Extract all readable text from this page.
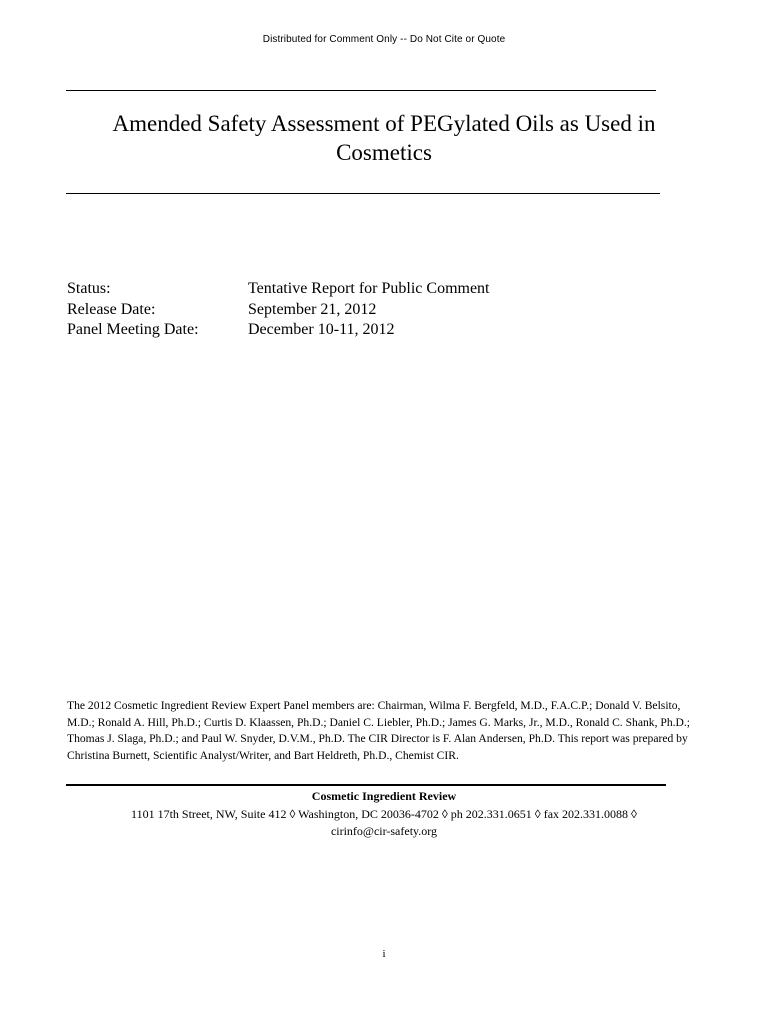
Distributed for Comment Only -- Do Not Cite or Quote
Amended Safety Assessment of PEGylated Oils as Used in Cosmetics
Status:	Tentative Report for Public Comment
Release Date:	September 21, 2012
Panel Meeting Date:	December 10-11, 2012
The 2012 Cosmetic Ingredient Review Expert Panel members are: Chairman, Wilma F. Bergfeld, M.D., F.A.C.P.; Donald V. Belsito, M.D.; Ronald A. Hill, Ph.D.; Curtis D. Klaassen, Ph.D.; Daniel C. Liebler, Ph.D.; James G. Marks, Jr., M.D., Ronald C. Shank, Ph.D.; Thomas J. Slaga, Ph.D.; and Paul W. Snyder, D.V.M., Ph.D. The CIR Director is F. Alan Andersen, Ph.D. This report was prepared by Christina Burnett, Scientific Analyst/Writer, and Bart Heldreth, Ph.D., Chemist CIR.
Cosmetic Ingredient Review
1101 17th Street, NW, Suite 412 ◊ Washington, DC 20036-4702 ◊ ph 202.331.0651 ◊ fax 202.331.0088 ◊
cirinfo@cir-safety.org
i
